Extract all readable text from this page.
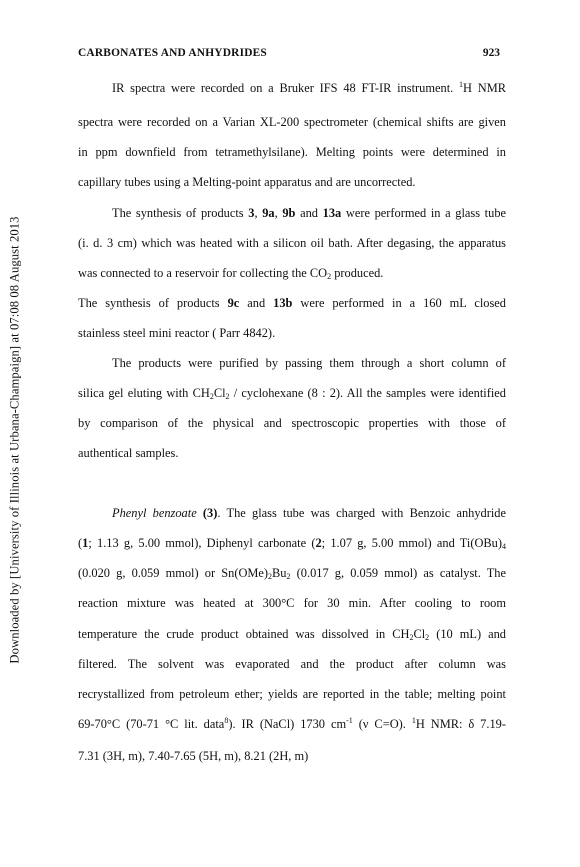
Downloaded by [University of Illinois at Urbana-Champaign] at 07:08 08 August 2013
CARBONATES AND ANHYDRIDES	923
IR spectra were recorded on a Bruker IFS 48 FT-IR instrument. $^1$H NMR
spectra were recorded on a Varian XL-200 spectrometer (chemical shifts are given
in ppm downfield from tetramethylsilane). Melting points were determined in
capillary tubes using a Melting-point apparatus and are uncorrected.
The synthesis of products 3, 9a, 9b and 13a were performed in a glass tube
(i. d. 3 cm) which was heated with a silicon oil bath. After degasing, the apparatus
was connected to a reservoir for collecting the $CO_2$ produced.
The synthesis of products 9c and 13b were performed in a 160 mL closed
stainless steel mini reactor ( Parr 4842).
The products were purified by passing them through a short column of
silica gel eluting with $CH_2Cl_2$ / cyclohexane (8 : 2). All the samples were identified
by comparison of the physical and spectroscopic properties with those of
authentical samples.
Phenyl benzoate (3). The glass tube was charged with Benzoic anhydride
(1; 1.13 g, 5.00 mmol), Diphenyl carbonate (2; 1.07 g, 5.00 mmol) and $Ti(OBu)_4$
(0.020 g, 0.059 mmol) or $Sn(OMe)_2Bu_2$ (0.017 g, 0.059 mmol) as catalyst. The
reaction mixture was heated at 300°C for 30 min. After cooling to room
temperature the crude product obtained was dissolved in $CH_2Cl_2$ (10 mL) and
filtered. The solvent was evaporated and the product after column was
recrystallized from petroleum ether; yields are reported in the table; melting point
69-70°C (70-71 °C lit. data$^8$). IR (NaCl) 1730 $cm^{-1}$ (ν C=O). $^1$H NMR: δ 7.19-
7.31 (3H, m), 7.40-7.65 (5H, m), 8.21 (2H, m)
